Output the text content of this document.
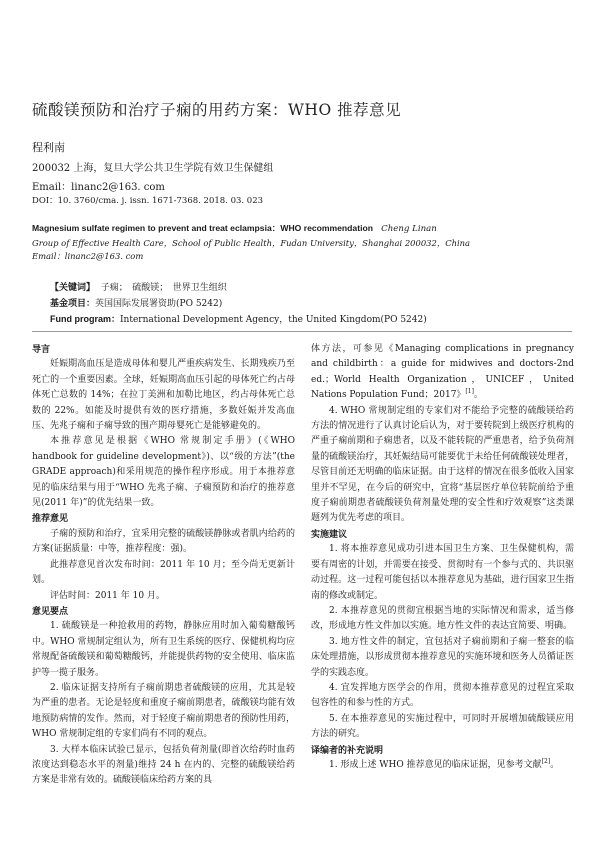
硫酸镁预防和治疗子痫的用药方案：WHO 推荐意见
程利南
200032 上海，复旦大学公共卫生学院有效卫生保健组
Email：linanc2@163. com
DOI：10. 3760/cma. j. issn. 1671-7368. 2018. 03. 023
Magnesium sulfate regimen to prevent and treat eclampsia：WHO recommendation Cheng Linan
Group of Effective Health Care，School of Public Health，Fudan University，Shanghai 200032，China
Email：linanc2@163. com
【关键词】 子痫；　硫酸镁；　世界卫生组织
基金项目：英国国际发展署资助(PO 5242)
Fund program：International Development Agency，the United Kingdom(PO 5242)
导言

妊娠期高血压是造成母体和婴儿严重疾病发生、长期残疾乃至死亡的一个重要因素。全球，妊娠期高血压引起的母体死亡约占母体死亡总数的 14%；在拉丁美洲和加勒比地区，约占母体死亡总数的 22%。如能及时提供有效的医疗措施，多数妊娠并发高血压、先兆子痫和子痫导致的围产期母婴死亡是能够避免的。

本推荐意见是根据《WHO 常规制定手册》(《WHO handbook for guideline development》)、以“级的方法”(the GRADE approach)和采用规范的操作程序形成。用于本推荐意见的临床结果与用于“WHO 先兆子痫、子痫预防和治疗的推荐意见(2011 年)”的优先结果一致。

推荐意见

子痫的预防和治疗，宜采用完整的硫酸镁静脉或者肌内给药的方案(证据质量：中等，推荐程度：强)。

此推荐意见首次发布时间：2011 年 10 月；至今尚无更新计划。

评估时间：2011 年 10 月。

意见要点

1. 硫酸镁是一种抢救用的药物，静脉应用时加入葡萄糖酸钙中。WHO 常规制定组认为，所有卫生系统的医疗、保健机构均应常规配备硫酸镁和葡萄糖酸钙，并能提供药物的安全使用、临床监护等一揽子服务。

2. 临床证据支持所有子痫前期患者硫酸镁的应用，尤其是较为严重的患者。无论是轻度和重度子痫前期患者，硫酸镁均能有效地预防病情的发作。然而，对于轻度子痫前期患者的预防性用药，WHO 常规制定组的专家们尚有不同的观点。

3. 大样本临床试验已显示，包括负荷剂量(即首次给药时血药浓度达到稳态水平的剂量)维持 24 h 在内的、完整的硫酸镁给药方案是非常有效的。硫酸镁临床给药方案的具

体方法，可参见《Managing complications in pregnancy and childbirth：a guide for midwives and doctors-2nd ed.；World Health Organization，UNICEF，United Nations Population Fund；2017》[1]。

4. WHO 常规制定组的专家们对不能给予完整的硫酸镁给药方法的情况进行了认真讨论后认为，对于要转院到上级医疗机构的严重子痫前期和子痫患者，以及不能转院的严重患者，给予负荷剂量的硫酸镁治疗，其妊娠结局可能要优于未给任何硫酸镁处理者，尽管目前还无明确的临床证据。由于这样的情况在很多低收入国家里并不罕见，在今后的研究中，宜将“基层医疗单位转院前给予重度子痫前期患者硫酸镁负荷剂量处理的安全性和疗效观察”这类课题列为优先考虑的项目。

实施建议

1. 将本推荐意见成功引进本国卫生方案、卫生保健机构，需要有周密的计划，并需要在接受、贯彻时有一个参与式的、共识驱动过程。这一过程可能包括以本推荐意见为基础，进行国家卫生指南的修改或制定。

2. 本推荐意见的贯彻宜根据当地的实际情况和需求，适当修改，形成地方性文件加以实施。地方性文件的表达宜简要、明确。

3. 地方性文件的制定，宜包括对子痫前期和子痫一整套的临床处理措施，以形成贯彻本推荐意见的实施环境和医务人员循证医学的实践态度。

4. 宜发挥地方医学会的作用，贯彻本推荐意见的过程宜采取包容性的和参与性的方式。

5. 在本推荐意见的实施过程中，可同时开展增加硫酸镁应用方法的研究。

译编者的补充说明

1. 形成上述 WHO 推荐意见的临床证据，见参考文献[2]。
